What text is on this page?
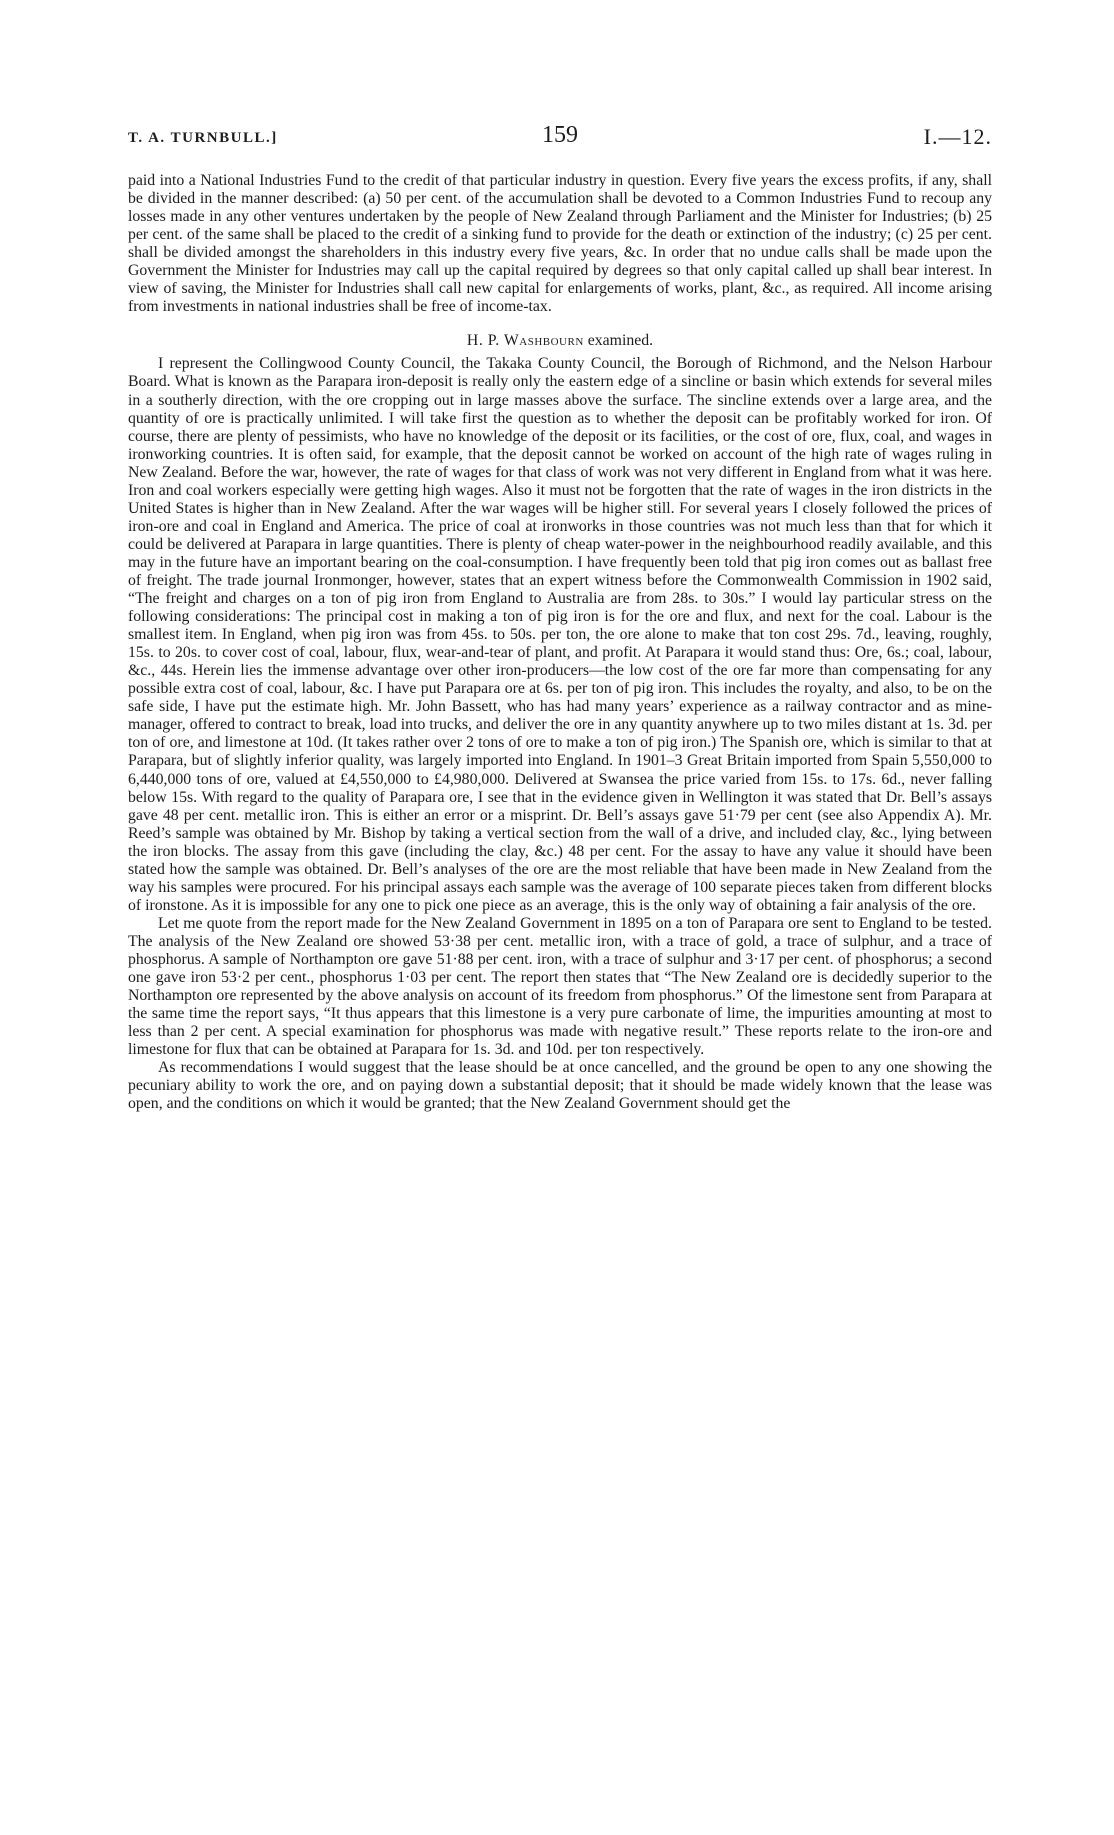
T. A. TURNBULL.]	159	I.—12.

paid into a National Industries Fund to the credit of that particular industry in question. Every five years the excess profits, if any, shall be divided in the manner described: (a) 50 per cent. of the accumulation shall be devoted to a Common Industries Fund to recoup any losses made in any other ventures undertaken by the people of New Zealand through Parliament and the Minister for Industries; (b) 25 per cent. of the same shall be placed to the credit of a sinking fund to provide for the death or extinction of the industry; (c) 25 per cent. shall be divided amongst the shareholders in this industry every five years, &c. In order that no undue calls shall be made upon the Government the Minister for Industries may call up the capital required by degrees so that only capital called up shall bear interest. In view of saving, the Minister for Industries shall call new capital for enlargements of works, plant, &c., as required. All income arising from investments in national industries shall be free of income-tax.

H. P. Washbourn examined.

I represent the Collingwood County Council, the Takaka County Council, the Borough of Richmond, and the Nelson Harbour Board. What is known as the Parapara iron-deposit is really only the eastern edge of a sincline or basin which extends for several miles in a southerly direction, with the ore cropping out in large masses above the surface. The sincline extends over a large area, and the quantity of ore is practically unlimited. I will take first the question as to whether the deposit can be profitably worked for iron. Of course, there are plenty of pessimists, who have no knowledge of the deposit or its facilities, or the cost of ore, flux, coal, and wages in ironworking countries. It is often said, for example, that the deposit cannot be worked on account of the high rate of wages ruling in New Zealand. Before the war, however, the rate of wages for that class of work was not very different in England from what it was here. Iron and coal workers especially were getting high wages. Also it must not be forgotten that the rate of wages in the iron districts in the United States is higher than in New Zealand. After the war wages will be higher still. For several years I closely followed the prices of iron-ore and coal in England and America. The price of coal at ironworks in those countries was not much less than that for which it could be delivered at Parapara in large quantities. There is plenty of cheap water-power in the neighbourhood readily available, and this may in the future have an important bearing on the coal-consumption. I have frequently been told that pig iron comes out as ballast free of freight. The trade journal Ironmonger, however, states that an expert witness before the Commonwealth Commission in 1902 said, “The freight and charges on a ton of pig iron from England to Australia are from 28s. to 30s.” I would lay particular stress on the following considerations: The principal cost in making a ton of pig iron is for the ore and flux, and next for the coal. Labour is the smallest item. In England, when pig iron was from 45s. to 50s. per ton, the ore alone to make that ton cost 29s. 7d., leaving, roughly, 15s. to 20s. to cover cost of coal, labour, flux, wear-and-tear of plant, and profit. At Parapara it would stand thus: Ore, 6s.; coal, labour, &c., 44s. Herein lies the immense advantage over other iron-producers—the low cost of the ore far more than compensating for any possible extra cost of coal, labour, &c. I have put Parapara ore at 6s. per ton of pig iron. This includes the royalty, and also, to be on the safe side, I have put the estimate high. Mr. John Bassett, who has had many years’ experience as a railway contractor and as mine-manager, offered to contract to break, load into trucks, and deliver the ore in any quantity anywhere up to two miles distant at 1s. 3d. per ton of ore, and limestone at 10d. (It takes rather over 2 tons of ore to make a ton of pig iron.) The Spanish ore, which is similar to that at Parapara, but of slightly inferior quality, was largely imported into England. In 1901–3 Great Britain imported from Spain 5,550,000 to 6,440,000 tons of ore, valued at £4,550,000 to £4,980,000. Delivered at Swansea the price varied from 15s. to 17s. 6d., never falling below 15s. With regard to the quality of Parapara ore, I see that in the evidence given in Wellington it was stated that Dr. Bell’s assays gave 48 per cent. metallic iron. This is either an error or a misprint. Dr. Bell’s assays gave 51·79 per cent (see also Appendix A). Mr. Reed’s sample was obtained by Mr. Bishop by taking a vertical section from the wall of a drive, and included clay, &c., lying between the iron blocks. The assay from this gave (including the clay, &c.) 48 per cent. For the assay to have any value it should have been stated how the sample was obtained. Dr. Bell’s analyses of the ore are the most reliable that have been made in New Zealand from the way his samples were procured. For his principal assays each sample was the average of 100 separate pieces taken from different blocks of ironstone. As it is impossible for any one to pick one piece as an average, this is the only way of obtaining a fair analysis of the ore.

Let me quote from the report made for the New Zealand Government in 1895 on a ton of Parapara ore sent to England to be tested. The analysis of the New Zealand ore showed 53·38 per cent. metallic iron, with a trace of gold, a trace of sulphur, and a trace of phosphorus. A sample of Northampton ore gave 51·88 per cent. iron, with a trace of sulphur and 3·17 per cent. of phosphorus; a second one gave iron 53·2 per cent., phosphorus 1·03 per cent. The report then states that “The New Zealand ore is decidedly superior to the Northampton ore represented by the above analysis on account of its freedom from phosphorus.” Of the limestone sent from Parapara at the same time the report says, “It thus appears that this limestone is a very pure carbonate of lime, the impurities amounting at most to less than 2 per cent. A special examination for phosphorus was made with negative result.” These reports relate to the iron-ore and limestone for flux that can be obtained at Parapara for 1s. 3d. and 10d. per ton respectively.

As recommendations I would suggest that the lease should be at once cancelled, and the ground be open to any one showing the pecuniary ability to work the ore, and on paying down a substantial deposit; that it should be made widely known that the lease was open, and the conditions on which it would be granted; that the New Zealand Government should get the
